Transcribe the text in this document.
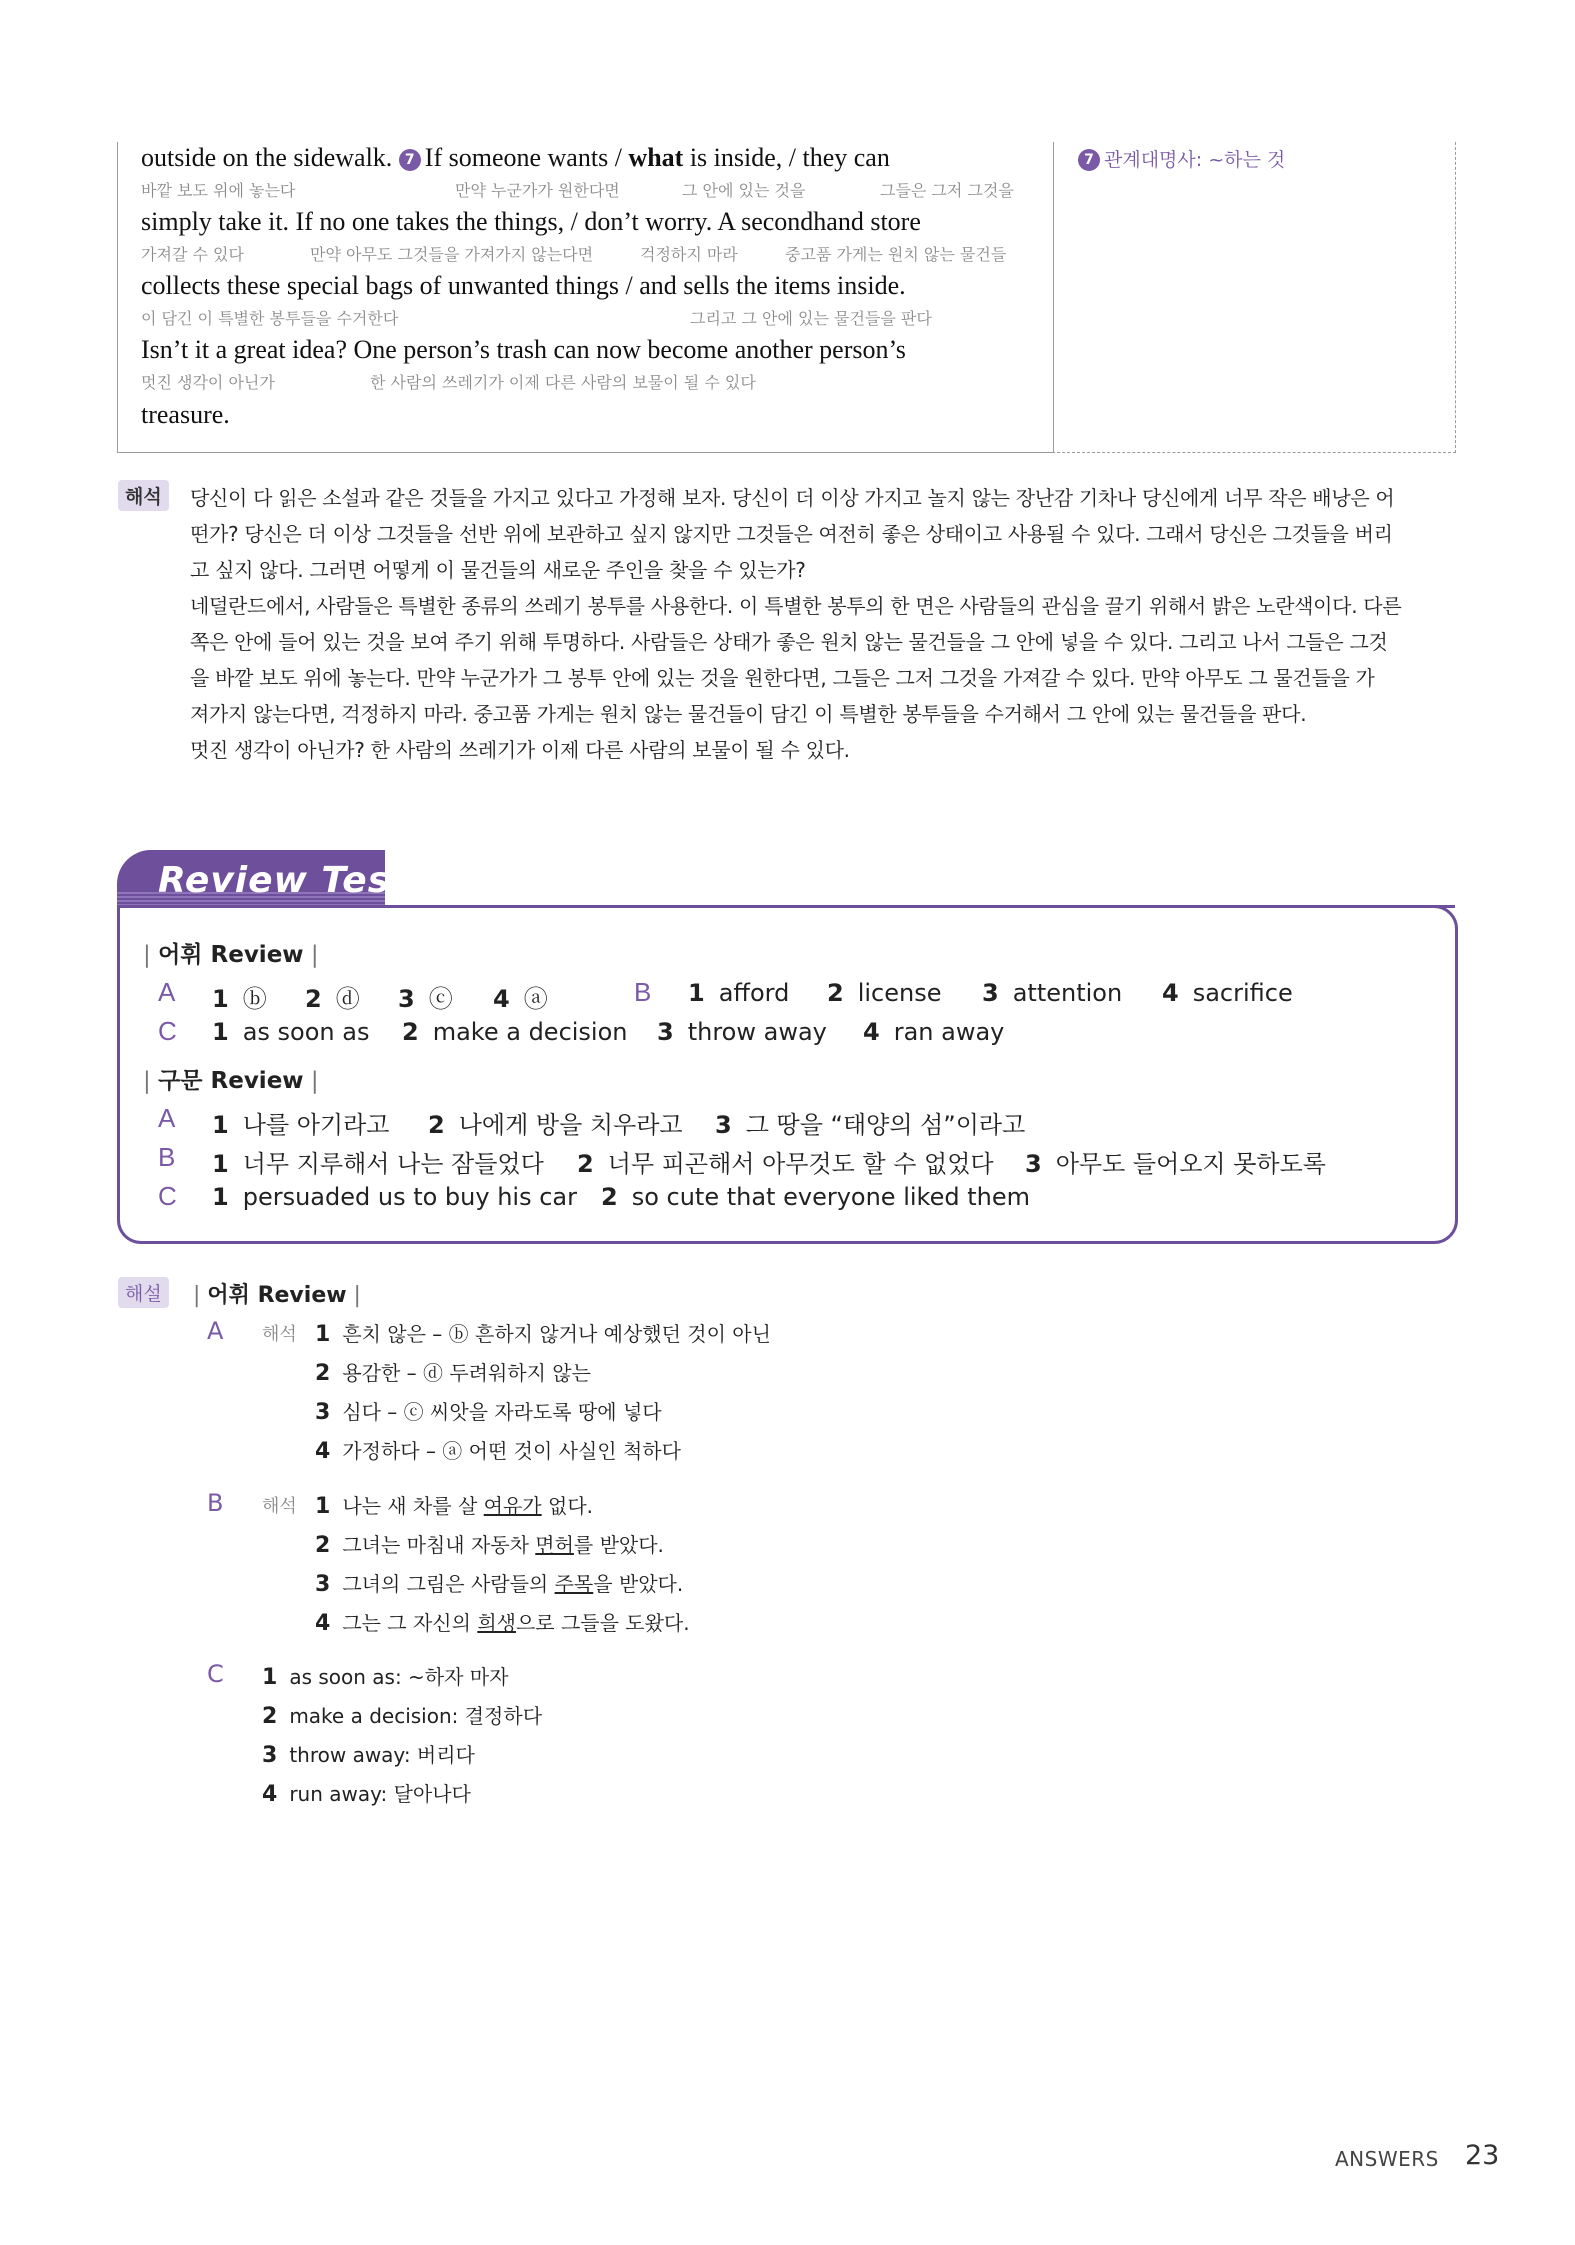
outside on the sidewalk. 7 If someone wants / what is inside, / they can
바깥 보도 위에 놓는다	만약 누군가가 원한다면	그 안에 있는 것을	그들은 그저 그것을
simply take it. If no one takes the things, / don’t worry. A secondhand store
가져갈 수 있다	만약 아무도 그것들을 가져가지 않는다면	걱정하지 마라	중고품 가게는 원치 않는 물건들
collects these special bags of unwanted things / and sells the items inside.
이 담긴 이 특별한 봉투들을 수거한다	그리고 그 안에 있는 물건들을 판다
Isn’t it a great idea? One person’s trash can now become another person’s
멋진 생각이 아닌가	한 사람의 쓰레기가 이제 다른 사람의 보물이 될 수 있다
treasure.
7 관계대명사: ~하는 것
해석	당신이 다 읽은 소설과 같은 것들을 가지고 있다고 가정해 보자. 당신이 더 이상 가지고 놀지 않는 장난감 기차나 당신에게 너무 작은 배낭은 어
떤가? 당신은 더 이상 그것들을 선반 위에 보관하고 싶지 않지만 그것들은 여전히 좋은 상태이고 사용될 수 있다. 그래서 당신은 그것들을 버리
고 싶지 않다. 그러면 어떻게 이 물건들의 새로운 주인을 찾을 수 있는가?
네덜란드에서, 사람들은 특별한 종류의 쓰레기 봉투를 사용한다. 이 특별한 봉투의 한 면은 사람들의 관심을 끌기 위해서 밝은 노란색이다. 다른
쪽은 안에 들어 있는 것을 보여 주기 위해 투명하다. 사람들은 상태가 좋은 원치 않는 물건들을 그 안에 넣을 수 있다. 그리고 나서 그들은 그것
을 바깥 보도 위에 놓는다. 만약 누군가가 그 봉투 안에 있는 것을 원한다면, 그들은 그저 그것을 가져갈 수 있다. 만약 아무도 그 물건들을 가
져가지 않는다면, 걱정하지 마라. 중고품 가게는 원치 않는 물건들이 담긴 이 특별한 봉투들을 수거해서 그 안에 있는 물건들을 판다.
멋진 생각이 아닌가? 한 사람의 쓰레기가 이제 다른 사람의 보물이 될 수 있다.
Review Test
| 어휘 Review |
A 1 ⓑ 2 ⓓ 3 ⓒ 4 ⓐ	B 1 afford 2 license 3 attention 4 sacrifice
C 1 as soon as 2 make a decision 3 throw away 4 ran away
| 구문 Review |
A 1 나를 아기라고 2 나에게 방을 치우라고 3 그 땅을 “태양의 섬”이라고
B 1 너무 지루해서 나는 잠들었다 2 너무 피곤해서 아무것도 할 수 없었다 3 아무도 들어오지 못하도록
C 1 persuaded us to buy his car 2 so cute that everyone liked them
해설	| 어휘 Review |
A 해석 1 흔치 않은 – ⓑ 흔하지 않거나 예상했던 것이 아닌
2 용감한 – ⓓ 두려워하지 않는
3 심다 – ⓒ 씨앗을 자라도록 땅에 넣다
4 가정하다 – ⓐ 어떤 것이 사실인 척하다
B 해석 1 나는 새 차를 살 여유가 없다.
2 그녀는 마침내 자동차 면허를 받았다.
3 그녀의 그림은 사람들의 주목을 받았다.
4 그는 그 자신의 희생으로 그들을 도왔다.
C 1 as soon as: ~하자 마자
2 make a decision: 결정하다
3 throw away: 버리다
4 run away: 달아나다
ANSWERS 23
